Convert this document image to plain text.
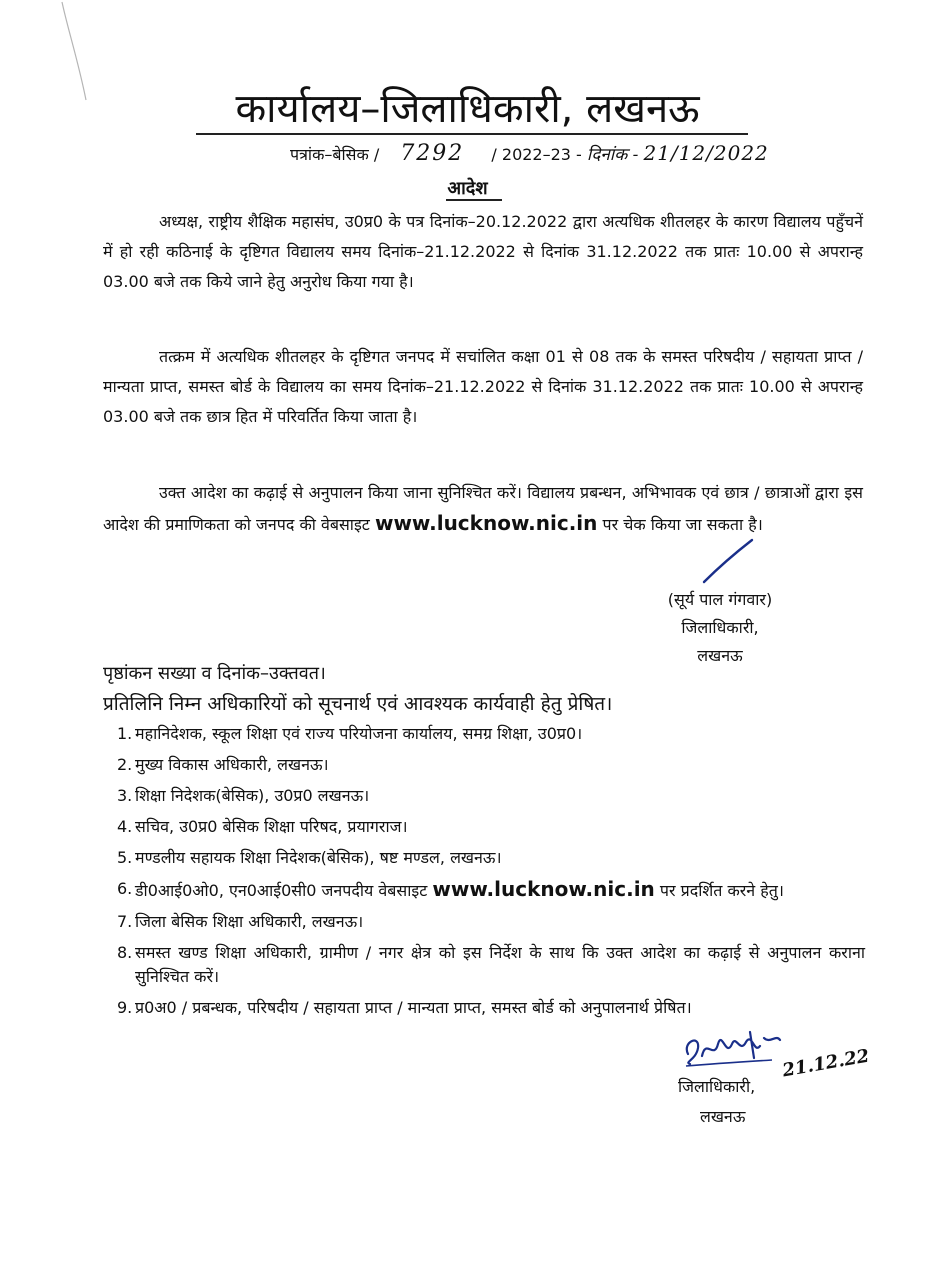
कार्यालय–जिलाधिकारी, लखनऊ
पत्रांक–बेसिक / 7292 / 2022–23 - दिनांक - 21/12/2022
आदेश

अध्यक्ष, राष्ट्रीय शैक्षिक महासंघ, उ0प्र0 के पत्र दिनांक–20.12.2022 द्वारा अत्यधिक शीतलहर के कारण विद्यालय पहुँचनें में हो रही कठिनाई के दृष्टिगत विद्यालय समय दिनांक–21.12.2022 से दिनांक 31.12.2022 तक प्रातः 10.00 से अपरान्ह 03.00 बजे तक किये जाने हेतु अनुरोध किया गया है।

तत्क्रम में अत्यधिक शीतलहर के दृष्टिगत जनपद में सचांलित कक्षा 01 से 08 तक के समस्त परिषदीय / सहायता प्राप्त / मान्यता प्राप्त, समस्त बोर्ड के विद्यालय का समय दिनांक–21.12.2022 से दिनांक 31.12.2022 तक प्रातः 10.00 से अपरान्ह 03.00 बजे तक छात्र हित में परिवर्तित किया जाता है।

उक्त आदेश का कढ़ाई से अनुपालन किया जाना सुनिश्चित करें। विद्यालय प्रबन्धन, अभिभावक एवं छात्र / छात्राओं द्वारा इस आदेश की प्रमाणिकता को जनपद की वेबसाइट www.lucknow.nic.in पर चेक किया जा सकता है।

(सूर्य पाल गंगवार)
जिलाधिकारी,
लखनऊ
पृष्ठांकन सख्या व दिनांक–उक्तवत।
प्रतिलिनि निम्न अधिकारियों को सूचनार्थ एवं आवश्यक कार्यवाही हेतु प्रेषित।
1. महानिदेशक, स्कूल शिक्षा एवं राज्य परियोजना कार्यालय, समग्र शिक्षा, उ0प्र0।
2. मुख्य विकास अधिकारी, लखनऊ।
3. शिक्षा निदेशक(बेसिक), उ0प्र0 लखनऊ।
4. सचिव, उ0प्र0 बेसिक शिक्षा परिषद, प्रयागराज।
5. मण्डलीय सहायक शिक्षा निदेशक(बेसिक), षष्ट मण्डल, लखनऊ।
6. डी0आई0ओ0, एन0आई0सी0 जनपदीय वेबसाइट www.lucknow.nic.in पर प्रदर्शित करने हेतु।
7. जिला बेसिक शिक्षा अधिकारी, लखनऊ।
8. समस्त खण्ड शिक्षा अधिकारी, ग्रामीण / नगर क्षेत्र को इस निर्देश के साथ कि उक्त आदेश का कढ़ाई से अनुपालन कराना सुनिश्चित करें।
9. प्र0अ0 / प्रबन्धक, परिषदीय / सहायता प्राप्त / मान्यता प्राप्त, समस्त बोर्ड को अनुपालनार्थ प्रेषित।
21.12.22
जिलाधिकारी,
लखनऊ
